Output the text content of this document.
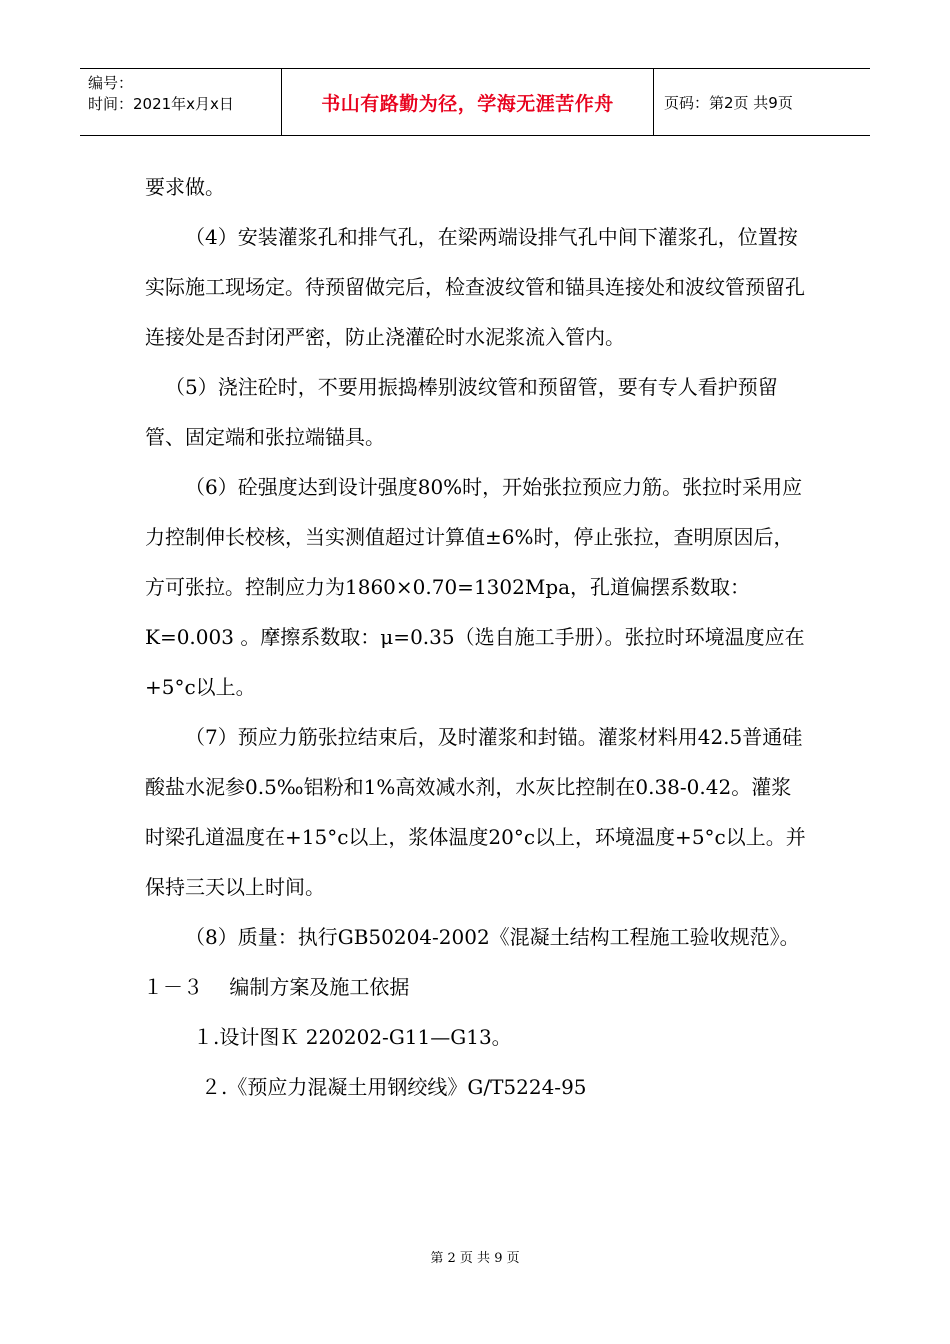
编号：
时间：2021年x月x日	书山有路勤为径，学海无涯苦作舟	页码：第2页 共9页

要求做。

（4）安装灌浆孔和排气孔，在梁两端设排气孔中间下灌浆孔，位置按实际施工现场定。待预留做完后，检查波纹管和锚具连接处和波纹管预留孔连接处是否封闭严密，防止浇灌砼时水泥浆流入管内。

（5）浇注砼时，不要用振捣棒别波纹管和预留管，要有专人看护预留管、固定端和张拉端锚具。

（6）砼强度达到设计强度80%时，开始张拉预应力筋。张拉时采用应力控制伸长校核，当实测值超过计算值±6%时，停止张拉，查明原因后，方可张拉。控制应力为1860×0.70=1302Mpa，孔道偏摆系数取：K=0.003 。摩擦系数取：μ=0.35（选自施工手册）。张拉时环境温度应在+5°c以上。

（7）预应力筋张拉结束后，及时灌浆和封锚。灌浆材料用42.5普通硅酸盐水泥参0.5‰铝粉和1%高效减水剂，水灰比控制在0.38-0.42。灌浆时梁孔道温度在+15°c以上，浆体温度20°c以上，环境温度+5°c以上。并保持三天以上时间。

（8）质量：执行GB50204-2002《混凝土结构工程施工验收规范》。

１－３　 编制方案及施工依据

１.设计图Ｋ 220202-G11—G13。

２.《预应力混凝土用钢绞线》G/T5224-95

第 2 页 共 9 页
